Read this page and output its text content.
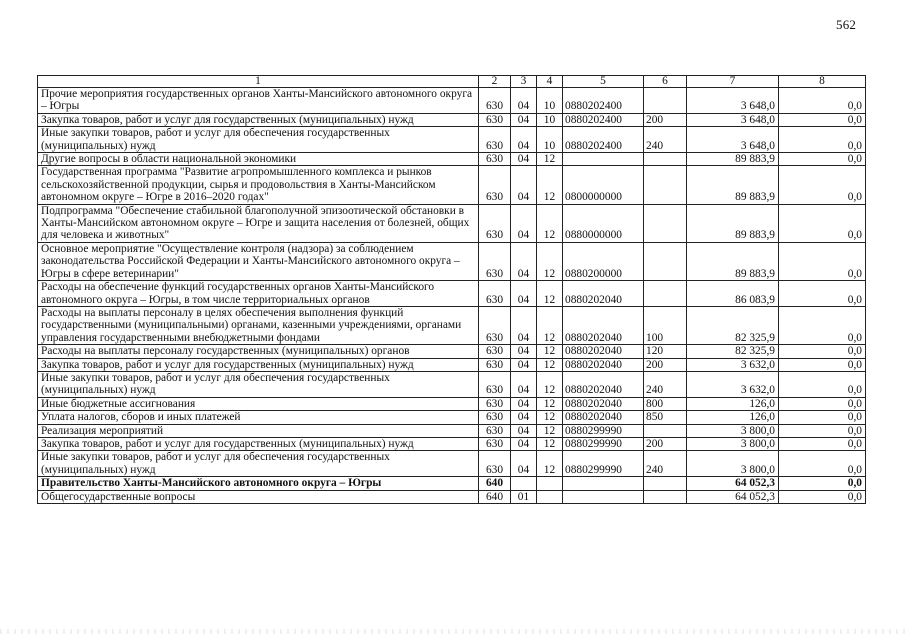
562
1	2	3	4	5	6	7	8
Прочие мероприятия государственных органов Ханты-Мансийского автономного округа – Югры	630	04	10	0880202400		3 648,0	0,0
Закупка товаров, работ и услуг для государственных (муниципальных) нужд	630	04	10	0880202400	200	3 648,0	0,0
Иные закупки товаров, работ и услуг для обеспечения государственных (муниципальных) нужд	630	04	10	0880202400	240	3 648,0	0,0
Другие вопросы в области национальной экономики	630	04	12			89 883,9	0,0
Государственная программа "Развитие агропромышленного комплекса и рынков сельскохозяйственной продукции, сырья и продовольствия в Ханты-Мансийском автономном округе – Югре в 2016–2020 годах"	630	04	12	0800000000		89 883,9	0,0
Подпрограмма "Обеспечение стабильной благополучной эпизоотической обстановки в Ханты-Мансийском автономном округе – Югре и защита населения от болезней, общих для человека и животных"	630	04	12	0880000000		89 883,9	0,0
Основное мероприятие "Осуществление контроля (надзора) за соблюдением законодательства Российской Федерации и Ханты-Мансийского автономного округа – Югры в сфере ветеринарии"	630	04	12	0880200000		89 883,9	0,0
Расходы на обеспечение функций государственных органов Ханты-Мансийского автономного округа – Югры, в том числе территориальных органов	630	04	12	0880202040		86 083,9	0,0
Расходы на выплаты персоналу в целях обеспечения выполнения функций государственными (муниципальными) органами, казенными учреждениями, органами управления государственными внебюджетными фондами	630	04	12	0880202040	100	82 325,9	0,0
Расходы на выплаты персоналу государственных (муниципальных) органов	630	04	12	0880202040	120	82 325,9	0,0
Закупка товаров, работ и услуг для государственных (муниципальных) нужд	630	04	12	0880202040	200	3 632,0	0,0
Иные закупки товаров, работ и услуг для обеспечения государственных (муниципальных) нужд	630	04	12	0880202040	240	3 632,0	0,0
Иные бюджетные ассигнования	630	04	12	0880202040	800	126,0	0,0
Уплата налогов, сборов и иных платежей	630	04	12	0880202040	850	126,0	0,0
Реализация мероприятий	630	04	12	0880299990		3 800,0	0,0
Закупка товаров, работ и услуг для государственных (муниципальных) нужд	630	04	12	0880299990	200	3 800,0	0,0
Иные закупки товаров, работ и услуг для обеспечения государственных (муниципальных) нужд	630	04	12	0880299990	240	3 800,0	0,0
Правительство Ханты-Мансийского автономного округа – Югры	640					64 052,3	0,0
Общегосударственные вопросы	640	01				64 052,3	0,0
